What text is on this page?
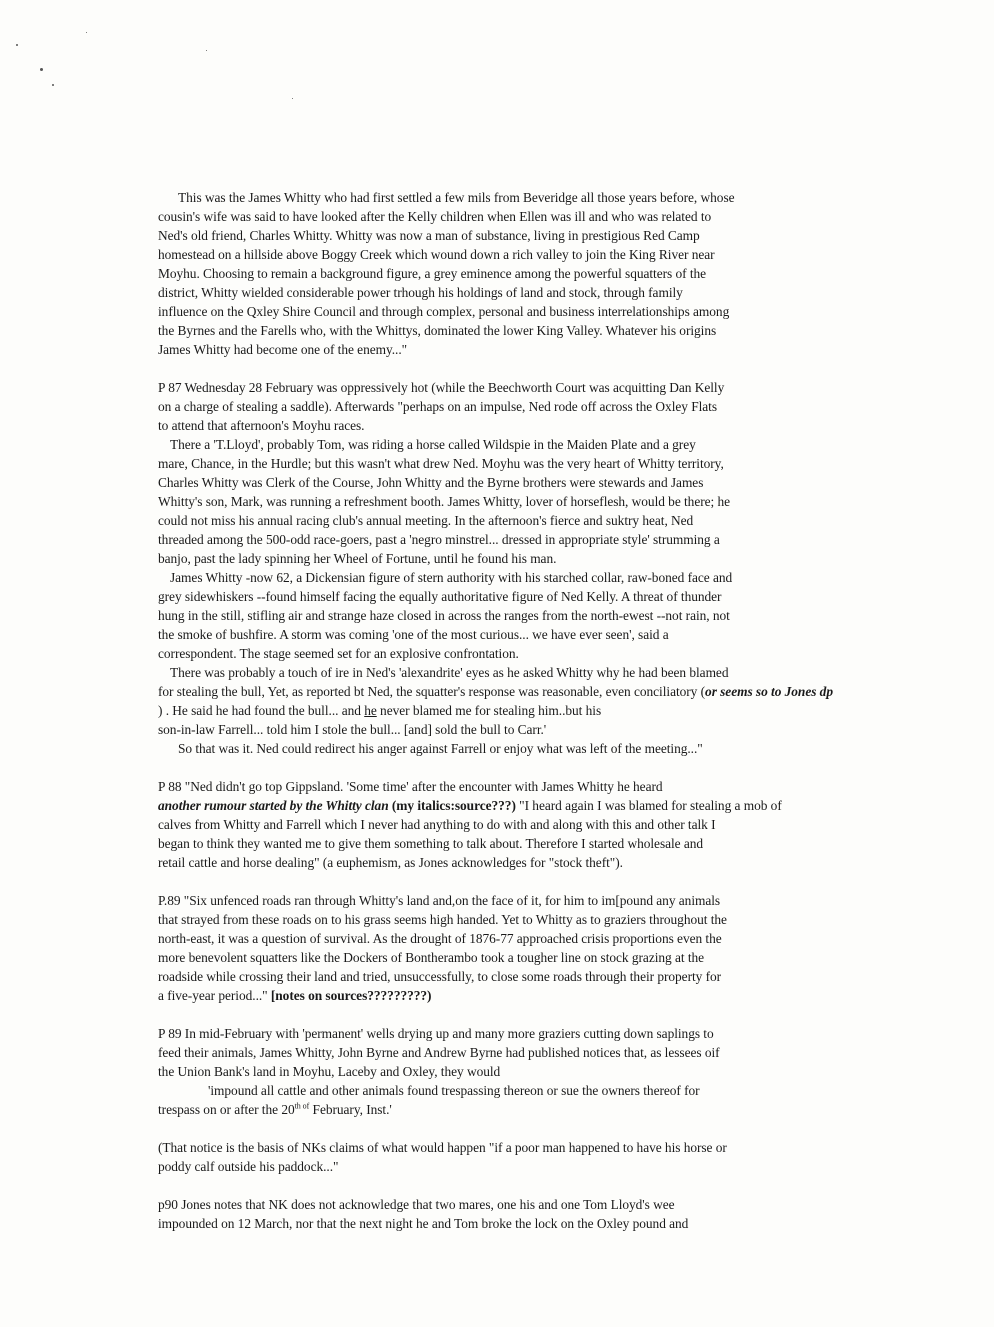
This was the James Whitty who had first settled a few mils from Beveridge all those years before, whose
cousin's wife was said to have looked after the Kelly children when Ellen was ill and who was related to
Ned's old friend, Charles Whitty. Whitty was now a man of substance, living in prestigious Red Camp
homestead on a hillside above Boggy Creek which wound down a rich valley to join the King River near
Moyhu. Choosing to remain a background figure, a grey eminence among the powerful squatters of the
district, Whitty wielded considerable power trhough his holdings of land and stock, through family
influence on the Qxley Shire Council and through complex, personal and business interrelationships among
the Byrnes and the Farells who, with the Whittys, dominated the lower King Valley. Whatever his origins
James Whitty had become one of the enemy..."
P 87 Wednesday 28 February was oppressively hot (while the Beechworth Court was acquitting Dan Kelly
on a charge of stealing a saddle). Afterwards "perhaps on an impulse, Ned rode off across the Oxley Flats
to attend that afternoon's Moyhu races.
There a 'T.Lloyd', probably Tom, was riding a horse called Wildspie in the Maiden Plate and a grey
mare, Chance, in the Hurdle; but this wasn't what drew Ned. Moyhu was the very heart of Whitty territory,
Charles Whitty was Clerk of the Course, John Whitty and the Byrne brothers were stewards and James
Whitty's son, Mark, was running a refreshment booth. James Whitty, lover of horseflesh, would be there; he
could not miss his annual racing club's annual meeting. In the afternoon's fierce and suktry heat, Ned
threaded among the 500-odd race-goers, past a 'negro minstrel... dressed in appropriate style' strumming a
banjo, past the lady spinning her Wheel of Fortune, until he found his man.
James Whitty -now 62, a Dickensian figure of stern authority with his starched collar, raw-boned face and
grey sidewhiskers --found himself facing the equally authoritative figure of Ned Kelly. A threat of thunder
hung in the still, stifling air and strange haze closed in across the ranges from the north-ewest --not rain, not
the smoke of bushfire. A storm was coming 'one of the most curious... we have ever seen', said a
correspondent. The stage seemed set for an explosive confrontation.
There was probably a touch of ire in Ned's 'alexandrite' eyes as he asked Whitty why he had been blamed
for stealing the bull, Yet, as reported bt Ned, the squatter's response was reasonable, even conciliatory (or seems so to Jones dp
) . He said he had found the bull... and he never blamed me for stealing him..but his
son-in-law Farrell... told him I stole the bull... [and] sold the bull to Carr.'
So that was it. Ned could redirect his anger against Farrell or enjoy what was left of the meeting..."
P 88 "Ned didn't go top Gippsland. 'Some time' after the encounter with James Whitty he heard
another rumour started by the Whitty clan (my italics:source???) "I heard again I was blamed for stealing a mob of
calves from Whitty and Farrell which I never had anything to do with and along with this and other talk I
began to think they wanted me to give them something to talk about. Therefore I started wholesale and
retail cattle and horse dealing" (a euphemism, as Jones acknowledges for "stock theft").
P.89 "Six unfenced roads ran through Whitty's land and,on the face of it, for him to im[pound any animals
that strayed from these roads on to his grass seems high handed. Yet to Whitty as to graziers throughout the
north-east, it was a question of survival. As the drought of 1876-77 approached crisis proportions even the
more benevolent squatters like the Dockers of Bontherambo took a tougher line on stock grazing at the
roadside while crossing their land and tried, unsuccessfully, to close some roads through their property for
a five-year period..." [notes on sources?????????)
P 89 In mid-February with 'permanent' wells drying up and many more graziers cutting down saplings to
feed their animals, James Whitty, John Byrne and Andrew Byrne had published notices that, as lessees oif
the Union Bank's land in Moyhu, Laceby and Oxley, they would
'impound all cattle and other animals found trespassing thereon or sue the owners thereof for
trespass on or after the $20^{th of}$ February, Inst.'
(That notice is the basis of NKs claims of what would happen "if a poor man happened to have his horse or
poddy calf outside his paddock..."
p90 Jones notes that NK does not acknowledge that two mares, one his and one Tom Lloyd's wee
impounded on 12 March, nor that the next night he and Tom broke the lock on the Oxley pound and
